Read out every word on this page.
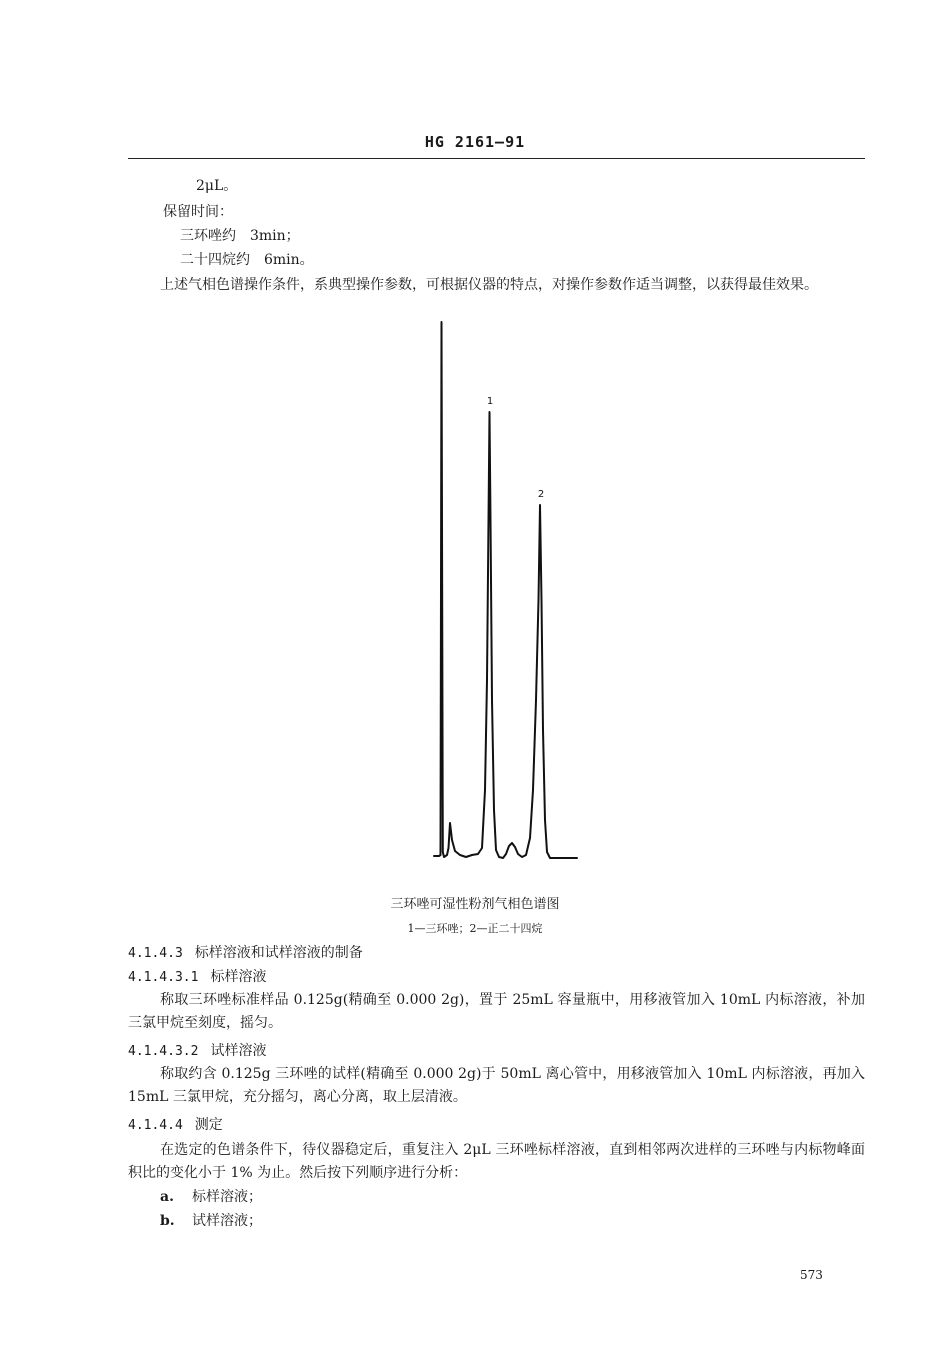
HG 2161—91
2μL。
保留时间：
三环唑约　3min；
二十四烷约　6min。
上述气相色谱操作条件，系典型操作参数，可根据仪器的特点，对操作参数作适当调整，以获得最佳效果。
1
2
三环唑可湿性粉剂气相色谱图
1—三环唑；2—正二十四烷
4.1.4.3 标样溶液和试样溶液的制备
4.1.4.3.1 标样溶液
称取三环唑标准样品 0.125g(精确至 0.000 2g)，置于 25mL 容量瓶中，用移液管加入 10mL 内标溶液，补加三氯甲烷至刻度，摇匀。
4.1.4.3.2 试样溶液
称取约含 0.125g 三环唑的试样(精确至 0.000 2g)于 50mL 离心管中，用移液管加入 10mL 内标溶液，再加入 15mL 三氯甲烷，充分摇匀，离心分离，取上层清液。
4.1.4.4 测定
在选定的色谱条件下，待仪器稳定后，重复注入 2μL 三环唑标样溶液，直到相邻两次进样的三环唑与内标物峰面积比的变化小于 1% 为止。然后按下列顺序进行分析：
a. 标样溶液；
b. 试样溶液；
573
